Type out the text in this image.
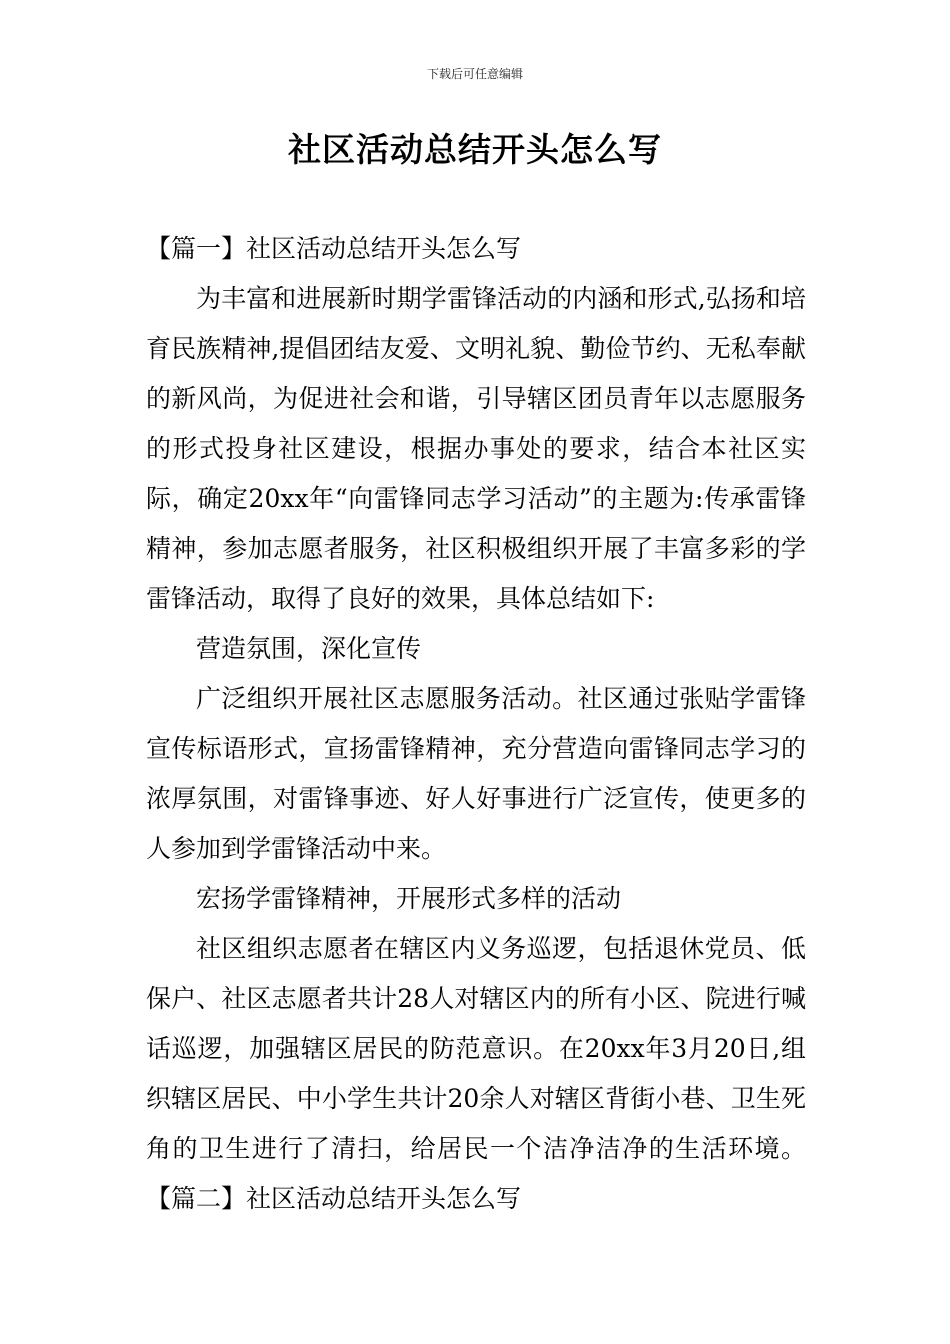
下载后可任意编辑
社区活动总结开头怎么写

【篇一】社区活动总结开头怎么写

为丰富和进展新时期学雷锋活动的内涵和形式,弘扬和培育民族精神,提倡团结友爱、文明礼貌、勤俭节约、无私奉献的新风尚，为促进社会和谐，引导辖区团员青年以志愿服务的形式投身社区建设，根据办事处的要求，结合本社区实际，确定20xx年“向雷锋同志学习活动”的主题为:传承雷锋精神，参加志愿者服务，社区积极组织开展了丰富多彩的学雷锋活动，取得了良好的效果，具体总结如下:

营造氛围，深化宣传

广泛组织开展社区志愿服务活动。社区通过张贴学雷锋宣传标语形式，宣扬雷锋精神，充分营造向雷锋同志学习的浓厚氛围，对雷锋事迹、好人好事进行广泛宣传，使更多的人参加到学雷锋活动中来。

宏扬学雷锋精神，开展形式多样的活动

社区组织志愿者在辖区内义务巡逻，包括退休党员、低保户、社区志愿者共计28人对辖区内的所有小区、院进行喊话巡逻，加强辖区居民的防范意识。在20xx年3月20日,组织辖区居民、中小学生共计20余人对辖区背街小巷、卫生死角的卫生进行了清扫，给居民一个洁净洁净的生活环境。【篇二】社区活动总结开头怎么写
